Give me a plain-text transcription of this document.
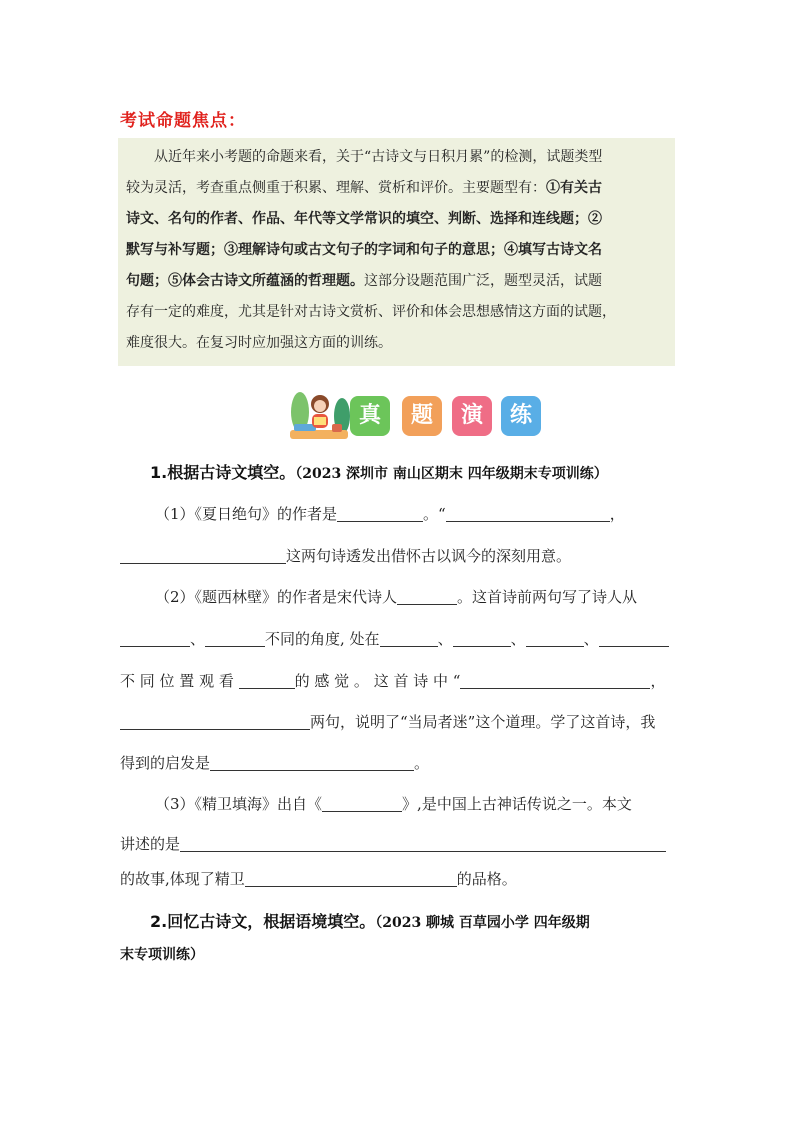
考试命题焦点：

从近年来小考题的命题来看，关于“古诗文与日积月累”的检测，试题类型

较为灵活，考查重点侧重于积累、理解、赏析和评价。主要题型有：①有关古
诗文、名句的作者、作品、年代等文学常识的填空、判断、选择和连线题；②
默写与补写题；③理解诗句或古文句子的字词和句子的意思；④填写古诗文名
句题；⑤体会古诗文所蕴涵的哲理题。这部分设题范围广泛，题型灵活，试题
存有一定的难度，尤其是针对古诗文赏析、评价和体会思想感情这方面的试题，
难度很大。在复习时应加强这方面的训练。
真	题	演	练
1.根据古诗文填空。（2023 深圳市 南山区期末 四年级期末专项训练）
（1）《夏日绝句》的作者是	。“	，
这两句诗透发出借怀古以讽今的深刻用意。
（2）《题西林壁》的作者是宋代诗人	。这首诗前两句写了诗人从
、	不同的角度, 处在	、	、	、
不 同 位 置 观 看	的 感 觉 。 这 首 诗 中 “	，
两句，说明了“当局者迷”这个道理。学了这首诗，我
得到的启发是	。
（3）《精卫填海》出自《	》,是中国上古神话传说之一。本文
讲述的是
的故事,体现了精卫	的品格。
2.回忆古诗文，根据语境填空。（2023 聊城 百草园小学 四年级期
末专项训练）
